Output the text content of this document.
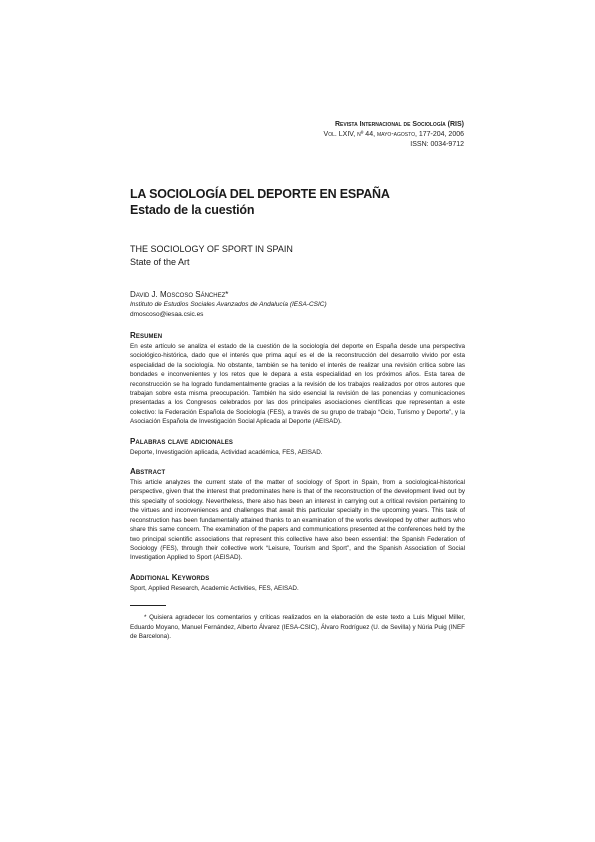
Revista Internacional de Sociología (RIS)
Vol. LXIV, nº 44, mayo-agosto, 177-204, 2006
ISSN: 0034-9712
LA SOCIOLOGÍA DEL DEPORTE EN ESPAÑA
Estado de la cuestión

THE SOCIOLOGY OF SPORT IN SPAIN

State of the Art

David J. Moscoso Sánchez*

Instituto de Estudios Sociales Avanzados de Andalucía (IESA-CSIC)

dmoscoso@iesaa.csic.es

Resumen

En este artículo se analiza el estado de la cuestión de la sociología del deporte en España desde una perspectiva sociológico-histórica, dado que el interés que prima aquí es el de la reconstrucción del desarrollo vivido por esta especialidad de la sociología. No obstante, también se ha tenido el interés de realizar una revisión crítica sobre las bondades e inconvenientes y los retos que le depara a esta especialidad en los próximos años. Esta tarea de reconstrucción se ha logrado fundamentalmente gracias a la revisión de los trabajos realizados por otros autores que trabajan sobre esta misma preocupación. También ha sido esencial la revisión de las ponencias y comunicaciones presentadas a los Congresos celebrados por las dos principales asociaciones científicas que representan a este colectivo: la Federación Española de Sociología (FES), a través de su grupo de trabajo “Ocio, Turismo y Deporte”, y la Asociación Española de Investigación Social Aplicada al Deporte (AEISAD).

Palabras clave adicionales

Deporte, Investigación aplicada, Actividad académica, FES, AEISAD.

Abstract

This article analyzes the current state of the matter of sociology of Sport in Spain, from a sociological-historical perspective, given that the interest that predominates here is that of the reconstruction of the development lived out by this specialty of sociology. Nevertheless, there also has been an interest in carrying out a critical revision pertaining to the virtues and inconveniences and challenges that await this particular specialty in the upcoming years. This task of reconstruction has been fundamentally attained thanks to an examination of the works developed by other authors who share this same concern. The examination of the papers and communications presented at the conferences held by the two principal scientific associations that represent this collective have also been essential: the Spanish Federation of Sociology (FES), through their collective work “Leisure, Tourism and Sport”, and the Spanish Association of Social Investigation Applied to Sport (AEISAD).

Additional Keywords

Sport, Applied Research, Academic Activities, FES, AEISAD.

* Quisiera agradecer los comentarios y críticas realizados en la elaboración de este texto a Luis Miguel Miller, Eduardo Moyano, Manuel Fernández, Alberto Álvarez (IESA-CSIC), Álvaro Rodríguez (U. de Sevilla) y Núria Puig (INEF de Barcelona).
